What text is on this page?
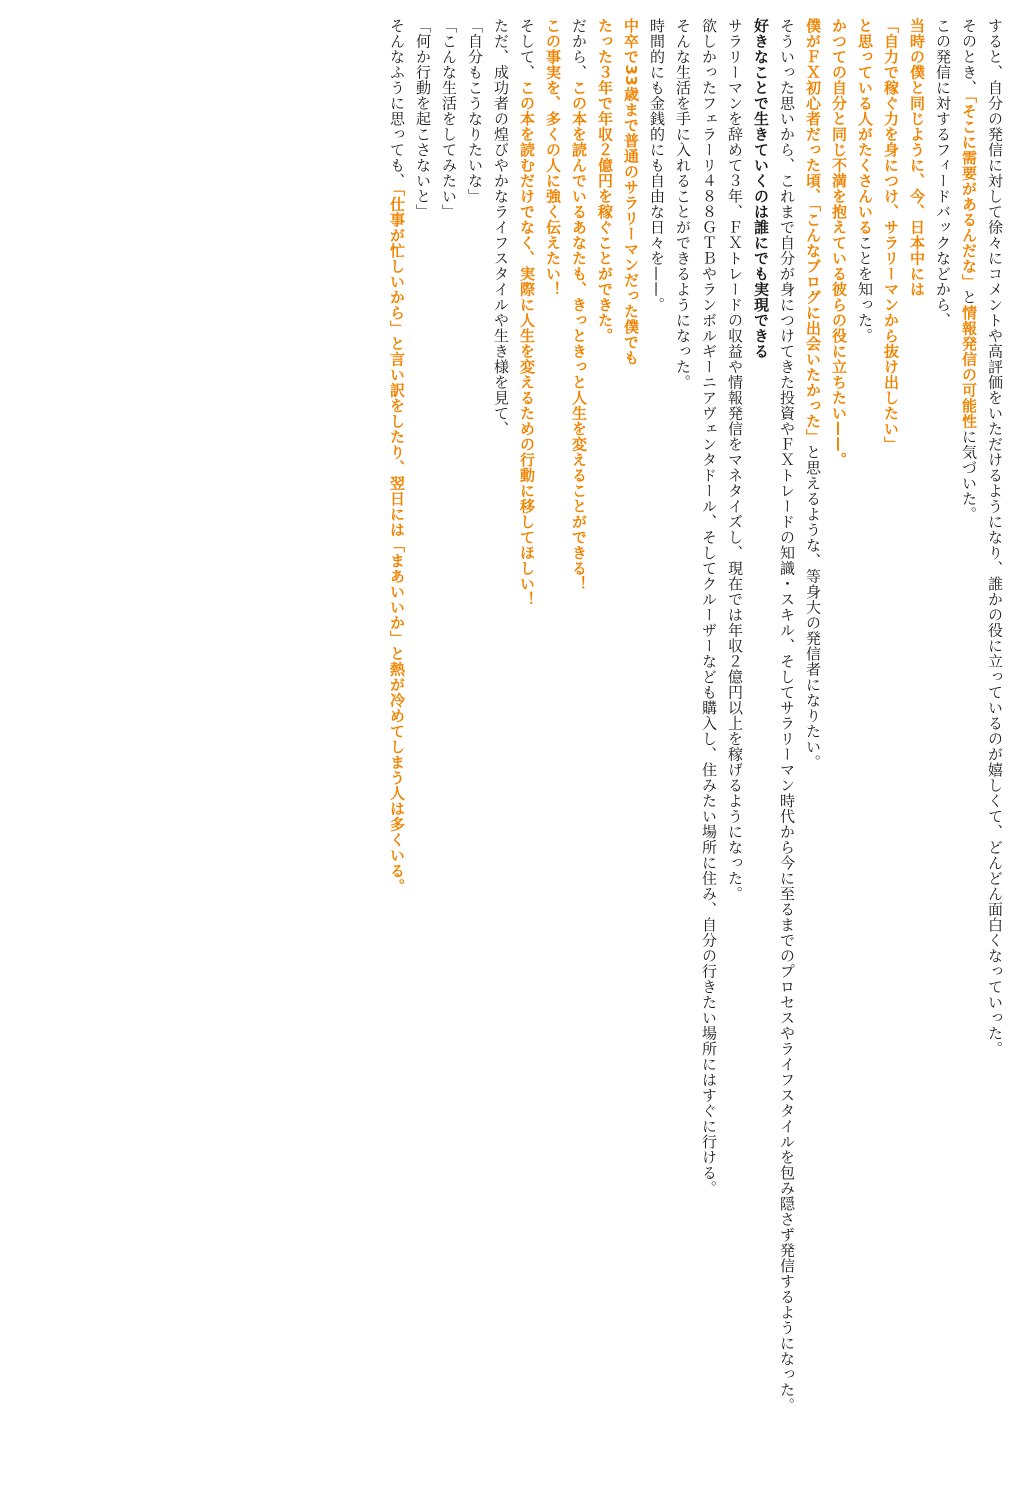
すると、自分の発信に対して徐々にコメントや高評価をいただけるようになり、誰かの役に立っているのが嬉しくて、どんどん面白くなっていった。

そのとき、「そこに需要があるんだな」と情報発信の可能性に気づいた。

この発信に対するフィードバックなどから、

当時の僕と同じように、今、日本中には

「自力で稼ぐ力を身につけ、サラリーマンから抜け出したい」

と思っている人がたくさんいることを知った。

かつての自分と同じ不満を抱えている彼らの役に立ちたい——。

僕がＦＸ初心者だった頃、「こんなブログに出会いたかった」と思えるような、等身大の発信者になりたい。

そういった思いから、これまで自分が身につけてきた投資やＦＸトレードの知識・スキル、そしてサラリーマン時代から今に至るまでのプロセスやライフスタイルを包み隠さず発信するようになった。

好きなことで生きていくのは誰にでも実現できる

サラリーマンを辞めて３年、ＦＸトレードの収益や情報発信をマネタイズし、現在では年収２億円以上を稼げるようになった。

欲しかったフェラーリ４８８ＧＴＢやランボルギーニアヴェンタドール、そしてクルーザーなども購入し、住みたい場所に住み、自分の行きたい場所にはすぐに行ける。

そんな生活を手に入れることができるようになった。

時間的にも金銭的にも自由な日々を——。

中卒で33歳まで普通のサラリーマンだった僕でも

たった３年で年収２億円を稼ぐことができた。

だから、この本を読んでいるあなたも、きっときっと人生を変えることができる！

この事実を、多くの人に強く伝えたい！

そして、この本を読むだけでなく、実際に人生を変えるための行動に移してほしい！

ただ、成功者の煌びやかなライフスタイルや生き様を見て、

「自分もこうなりたいな」

「こんな生活をしてみたい」

「何か行動を起こさないと」

そんなふうに思っても、「仕事が忙しいから」と言い訳をしたり、翌日には「まあいいか」と熱が冷めてしまう人は多くいる。
